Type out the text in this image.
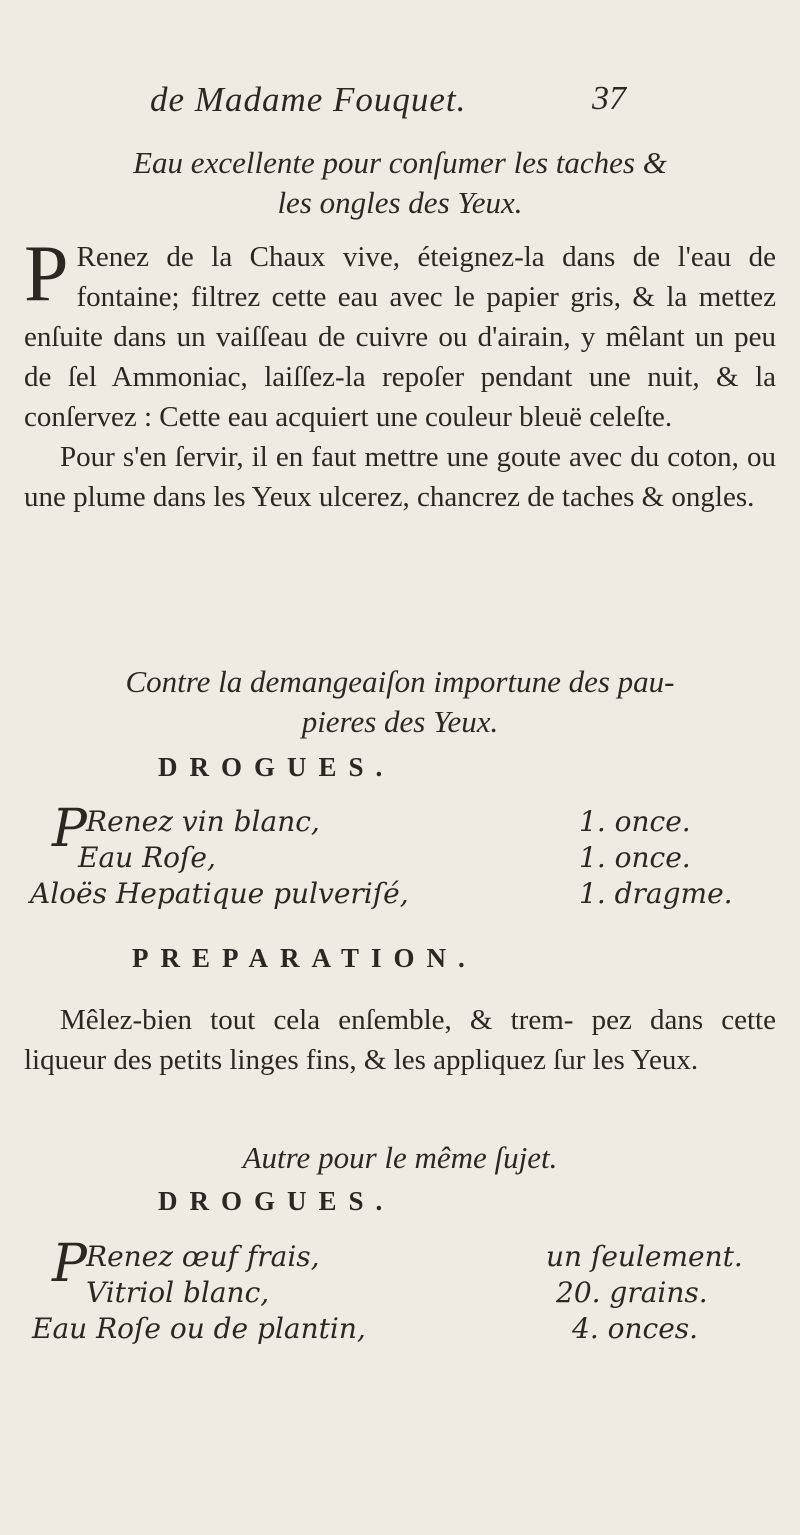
de Madame Fouquet.	37

Eau excellente pour conſumer les taches &
les ongles des Yeux.

P Renez de la Chaux vive, éteignez-la dans de l'eau de fontaine; filtrez cette eau avec le papier gris, & la mettez enſuite dans un vaiſſeau de cuivre ou d'airain, y mêlant un peu de ſel Ammoniac, laiſſez-la repoſer pendant une nuit, & la conſervez : Cette eau acquiert une couleur bleuë celeſte.

Pour s'en ſervir, il en faut mettre une goute avec du coton, ou une plume dans les Yeux ulcerez, chancrez de taches & ongles.

Contre la demangeaiſon importune des pau-
pieres des Yeux.

DROGUES.
P Renez vin blanc,	1. once.
Eau Roſe,	1. once.
Aloës Hepatique pulveriſé,	1. dragme.
PREPARATION.

Mêlez-bien tout cela enſemble, & trem- pez dans cette liqueur des petits linges fins, & les appliquez ſur les Yeux.

Autre pour le même ſujet.

DROGUES.
P Renez œuf frais,	un ſeulement.
Vitriol blanc,	20. grains.
Eau Roſe ou de plantin,	4. onces.
